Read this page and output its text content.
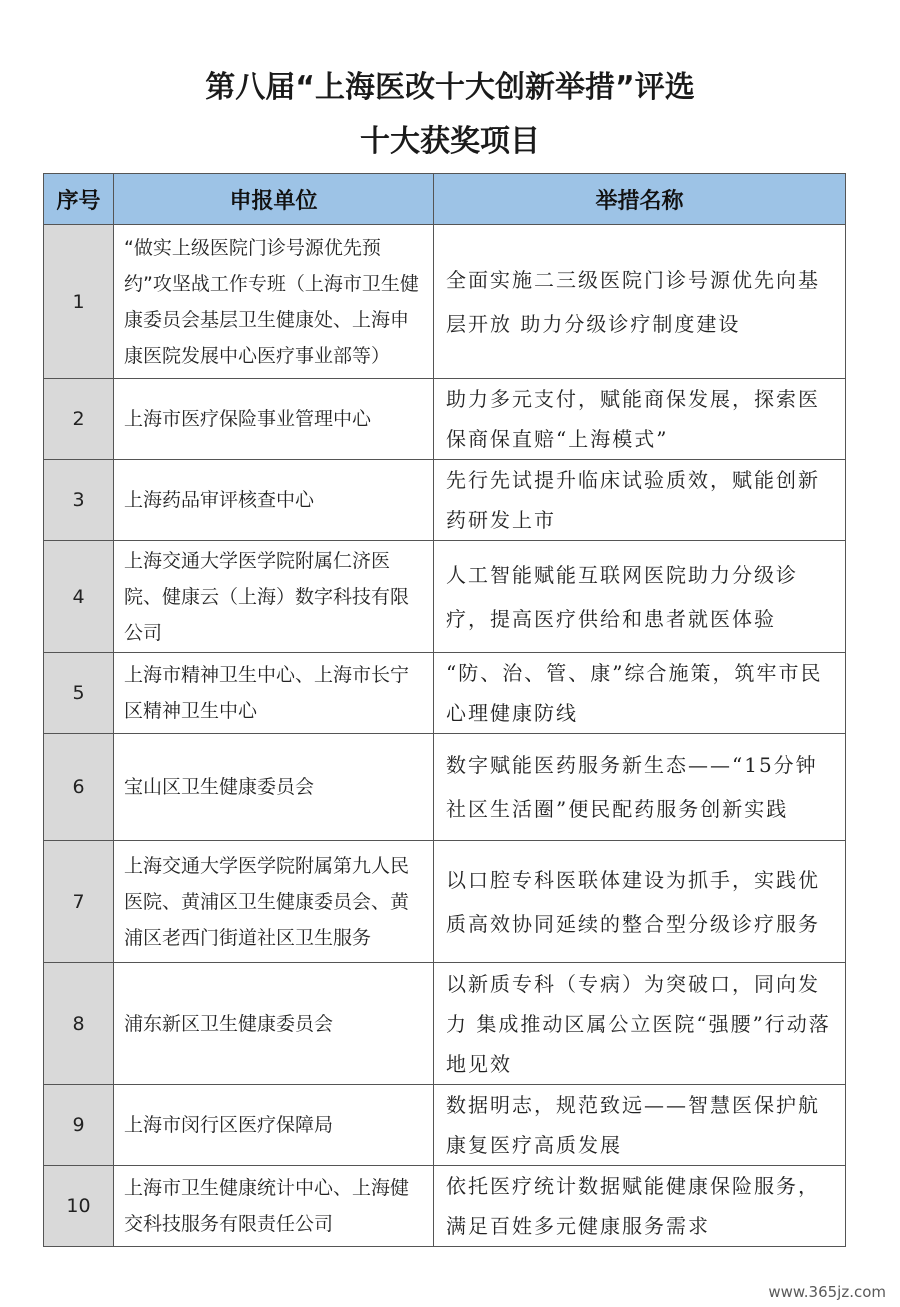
第八届“上海医改十大创新举措”评选
十大获奖项目
序号	申报单位	举措名称
1	“做实上级医院门诊号源优先预约”攻坚战工作专班（上海市卫生健康委员会基层卫生健康处、上海申康医院发展中心医疗事业部等）	全面实施二三级医院门诊号源优先向基层开放 助力分级诊疗制度建设
2	上海市医疗保险事业管理中心	助力多元支付，赋能商保发展，探索医保商保直赔“上海模式”
3	上海药品审评核查中心	先行先试提升临床试验质效，赋能创新药研发上市
4	上海交通大学医学院附属仁济医院、健康云（上海）数字科技有限公司	人工智能赋能互联网医院助力分级诊疗，提高医疗供给和患者就医体验
5	上海市精神卫生中心、上海市长宁区精神卫生中心	“防、治、管、康”综合施策，筑牢市民心理健康防线
6	宝山区卫生健康委员会	数字赋能医药服务新生态——“15分钟社区生活圈”便民配药服务创新实践
7	上海交通大学医学院附属第九人民医院、黄浦区卫生健康委员会、黄浦区老西门街道社区卫生服务	以口腔专科医联体建设为抓手，实践优质高效协同延续的整合型分级诊疗服务
8	浦东新区卫生健康委员会	以新质专科（专病）为突破口，同向发力 集成推动区属公立医院“强腰”行动落地见效
9	上海市闵行区医疗保障局	数据明志，规范致远——智慧医保护航康复医疗高质发展
10	上海市卫生健康统计中心、上海健交科技服务有限责任公司	依托医疗统计数据赋能健康保险服务，满足百姓多元健康服务需求
www.365jz.com
